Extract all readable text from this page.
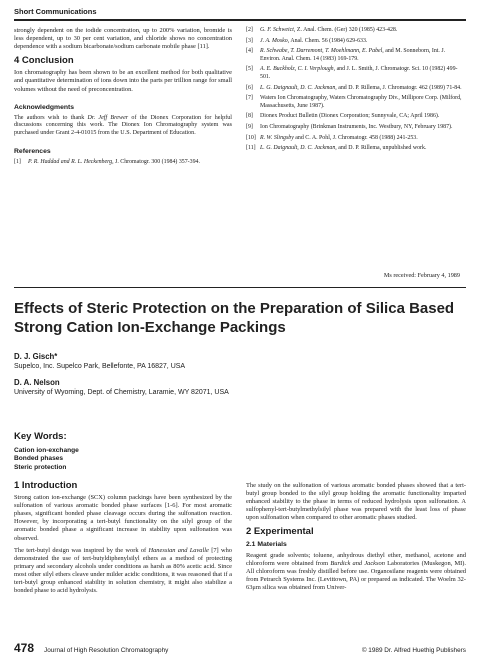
Short Communications

strongly dependent on the iodide concentration, up to 200% variation, bromide is less dependent, up to 30 per cent variation, and chloride shows no concentration dependence with a sodium bicarbonate/sodium carbonate mobile phase [11].

4 Conclusion

Ion chromatography has been shown to be an excellent method for both qualitative and quantitative determination of ions down into the parts per trillion range for small volumes without the need of preconcentration.

Acknowledgments

The authors wish to thank Dr. Jeff Brewer of the Dionex Corporation for helpful discussions concerning this work. The Dionex Ion Chromatography system was purchased under Grant 2-4-01015 from the U.S. Department of Education.

References
[1]	P. R. Haddad and R. L. Heckenberg, J. Chromatogr. 300 (1984) 357-394.
[2]	G. F. Schweict, Z. Anal. Chem. (Ger) 320 (1985) 423-428.
[3]	J. A. Mosko, Anal. Chem. 56 (1984) 629-633.
[4]	R. Schwabe, T. Darremont, T. Moehlmann, E. Pabel, and M. Sonneborn, Int. J. Environ. Anal. Chem. 14 (1983) 169-179.
[5]	A. E. Buckholz, C. I. Verplough, and J. L. Smith, J. Chromatogr. Sci. 10 (1982) 499-501.
[6]	L. G. Daignault, D. C. Jackman, and D. P. Rillema, J. Chromatogr. 462 (1989) 71-84.
[7]	Waters Ion Chromatography, Waters Chromatography Div., Millipore Corp. (Milford, Massachusetts, June 1987).
[8]	Dionex Product Bulletin (Dionex Corporation; Sunnyvale, CA; April 1986).
[9]	Ion Chromatography (Brinkman Instruments, Inc. Westbury, NY, February 1987).
[10] R. W. Slingsby and C. A. Pohl, J. Chromatogr. 458 (1988) 241-253.
[11] L. G. Daignault, D. C. Jackman, and D. P. Rillema, unpublished work.
Ms received: February 4, 1989
Effects of Steric Protection on the Preparation of Silica Based Strong Cation Ion-Exchange Packings
D. J. Gisch*
Supelco, Inc. Supelco Park, Bellefonte, PA 16827, USA
D. A. Nelson
University of Wyoming, Dept. of Chemistry, Laramie, WY 82071, USA
Key Words:
Cation ion-exchange
Bonded phases
Steric protection
1 Introduction

Strong cation ion-exchange (SCX) column packings have been synthesized by the sulfonation of various aromatic bonded phase surfaces [1-6]. For most aromatic phases, significant bonded phase cleavage occurs during the sulfonation reaction. However, by incorporating a tert-butyl functionality on the silyl group of the aromatic bonded phase a significant increase in stability upon sulfonation was observed.

The tert-butyl design was inspired by the work of Hanessian and Lavalle [7] who demonstrated the use of tert-butyldiphenylsilyl ethers as a method of protecting primary and secondary alcohols under conditions as harsh as 80% acetic acid. Since most other silyl ethers cleave under milder acidic conditions, it was reasoned that if a tert-butyl group enhanced stability in solution chemistry, it might also stabilize a bonded phase to acid hydrolysis.

The study on the sulfonation of various aromatic bonded phases showed that a tert-butyl group bonded to the silyl group holding the aromatic functionality imparted enhanced stability to the phase in terms of reduced hydrolysis upon sulfonation. A sulfophenyl-tert-butylmethylsilyl phase was prepared with the least loss of phase upon sulfonation when compared to other aromatic phases studied.

2 Experimental
2.1 Materials

Reagent grade solvents; toluene, anhydrous diethyl ether, methanol, acetone and chloroform were obtained from Burdick and Jackson Laboratories (Muskegon, MI). All chloroform was freshly distilled before use. Organosilane reagents were obtained from Petrarch Systems Inc. (Levittown, PA) or prepared as indicated. The Woelm 32-63μm silica was obtained from Univer-

478 Journal of High Resolution Chromatography	© 1989 Dr. Alfred Huethig Publishers
